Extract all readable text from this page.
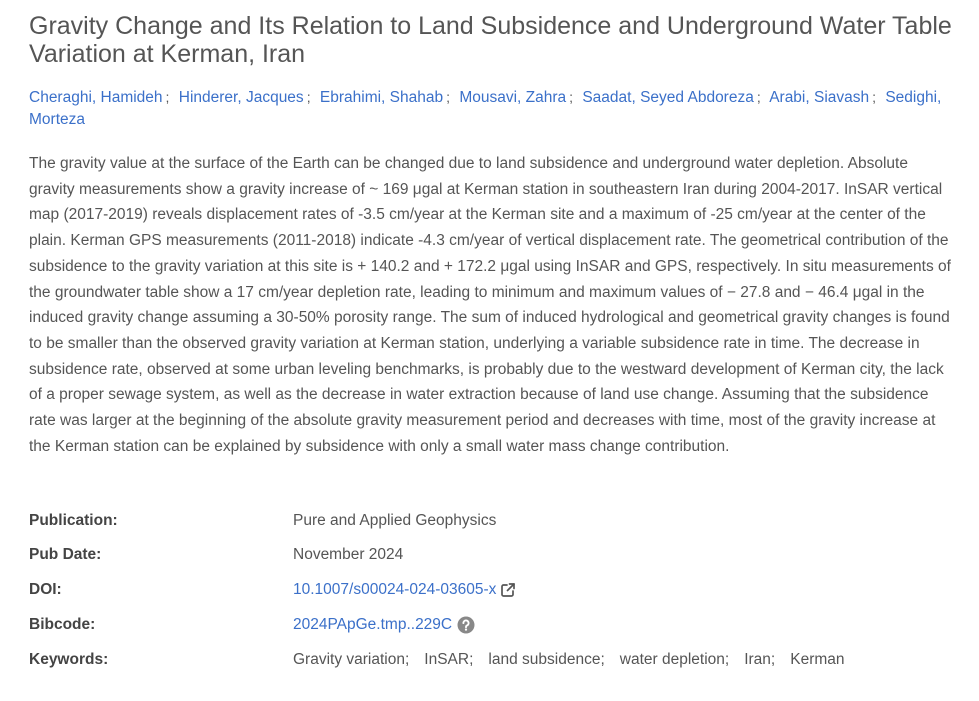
Gravity Change and Its Relation to Land Subsidence and Underground Water Table Variation at Kerman, Iran
Cheraghi, Hamideh ; Hinderer, Jacques ; Ebrahimi, Shahab ; Mousavi, Zahra ; Saadat, Seyed Abdoreza ; Arabi, Siavash ; Sedighi, Morteza

The gravity value at the surface of the Earth can be changed due to land subsidence and underground water depletion. Absolute gravity measurements show a gravity increase of ~ 169 μgal at Kerman station in southeastern Iran during 2004-2017. InSAR vertical map (2017-2019) reveals displacement rates of -3.5 cm/year at the Kerman site and a maximum of -25 cm/year at the center of the plain. Kerman GPS measurements (2011-2018) indicate -4.3 cm/year of vertical displacement rate. The geometrical contribution of the subsidence to the gravity variation at this site is + 140.2 and + 172.2 μgal using InSAR and GPS, respectively. In situ measurements of the groundwater table show a 17 cm/year depletion rate, leading to minimum and maximum values of − 27.8 and − 46.4 μgal in the induced gravity change assuming a 30-50% porosity range. The sum of induced hydrological and geometrical gravity changes is found to be smaller than the observed gravity variation at Kerman station, underlying a variable subsidence rate in time. The decrease in subsidence rate, observed at some urban leveling benchmarks, is probably due to the westward development of Kerman city, the lack of a proper sewage system, as well as the decrease in water extraction because of land use change. Assuming that the subsidence rate was larger at the beginning of the absolute gravity measurement period and decreases with time, most of the gravity increase at the Kerman station can be explained by subsidence with only a small water mass change contribution.

Publication:	Pure and Applied Geophysics
Pub Date:	November 2024
DOI:	10.1007/s00024-024-03605-x
Bibcode:	2024PApGe.tmp..229C
Keywords:	Gravity variation ; InSAR ; land subsidence ; water depletion ; Iran ; Kerman
